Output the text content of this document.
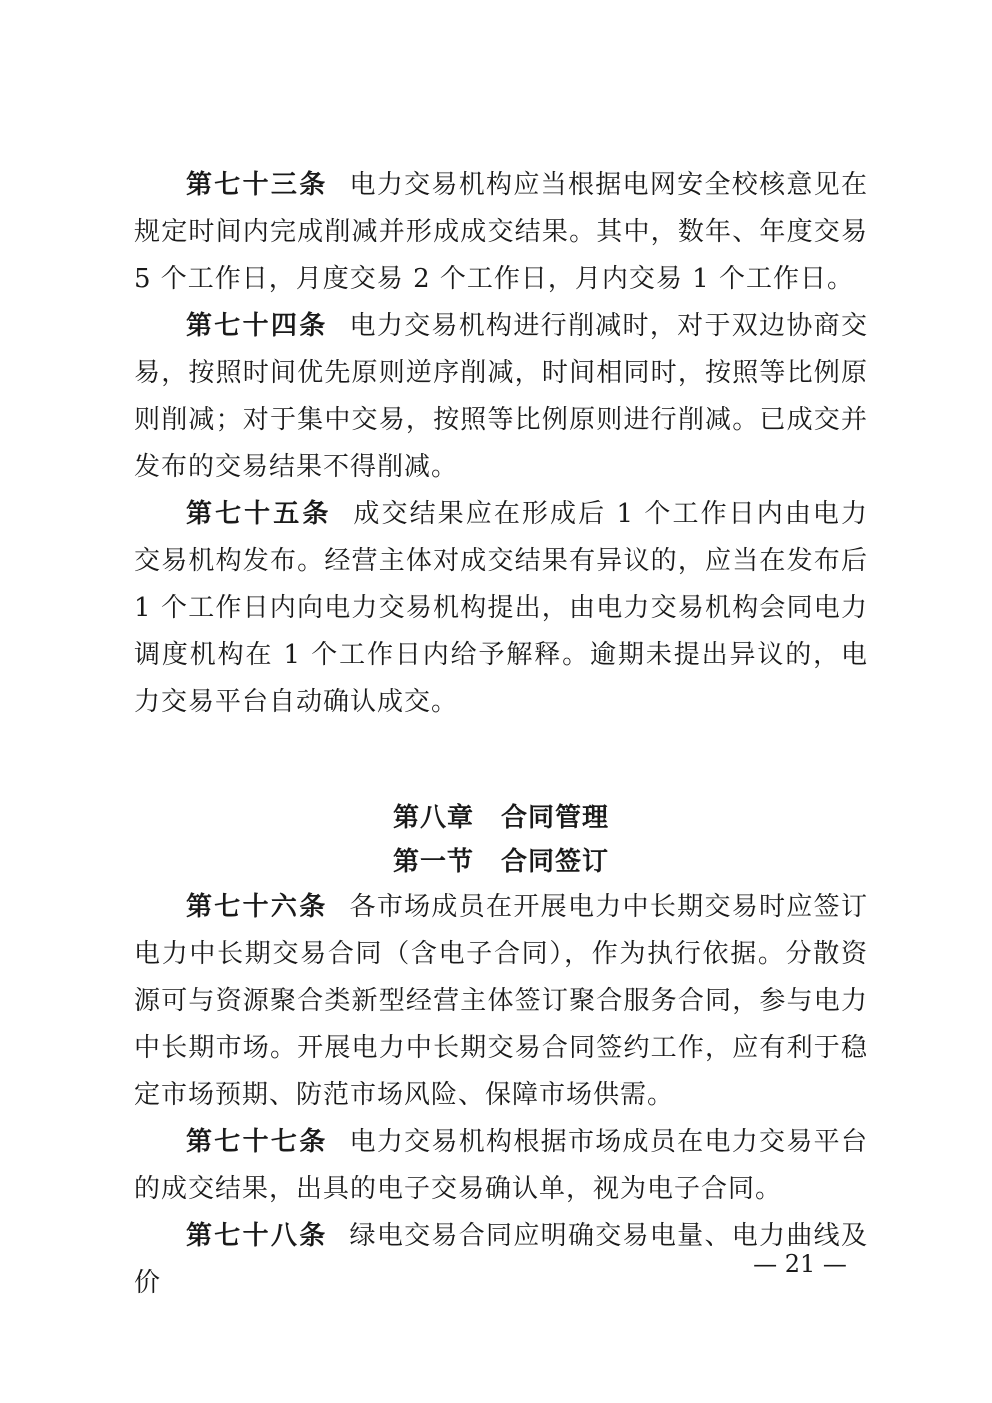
第七十三条 电力交易机构应当根据电网安全校核意见在规定时间内完成削减并形成成交结果。其中，数年、年度交易 5 个工作日，月度交易 2 个工作日，月内交易 1 个工作日。

第七十四条 电力交易机构进行削减时，对于双边协商交易，按照时间优先原则逆序削减，时间相同时，按照等比例原则削减；对于集中交易，按照等比例原则进行削减。已成交并发布的交易结果不得削减。

第七十五条 成交结果应在形成后 1 个工作日内由电力交易机构发布。经营主体对成交结果有异议的，应当在发布后 1 个工作日内向电力交易机构提出，由电力交易机构会同电力调度机构在 1 个工作日内给予解释。逾期未提出异议的，电力交易平台自动确认成交。

第八章　合同管理
第一节　合同签订

第七十六条 各市场成员在开展电力中长期交易时应签订电力中长期交易合同（含电子合同），作为执行依据。分散资源可与资源聚合类新型经营主体签订聚合服务合同，参与电力中长期市场。开展电力中长期交易合同签约工作，应有利于稳定市场预期、防范市场风险、保障市场供需。

第七十七条 电力交易机构根据市场成员在电力交易平台的成交结果，出具的电子交易确认单，视为电子合同。

第七十八条 绿电交易合同应明确交易电量、电力曲线及价

— 21 —
